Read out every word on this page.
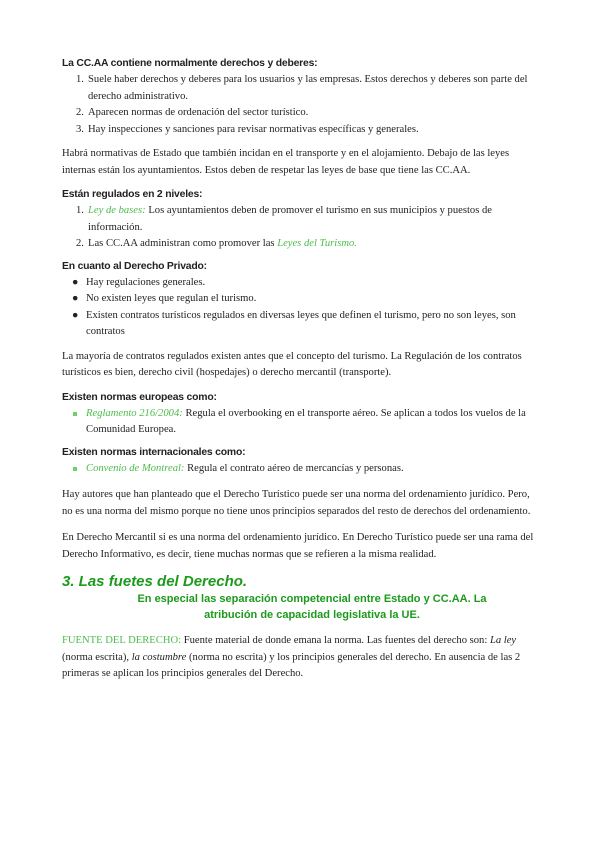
La CC.AA contiene normalmente derechos y deberes:

1. Suele haber derechos y deberes para los usuarios y las empresas. Estos derechos y deberes son parte del derecho administrativo.
2. Aparecen normas de ordenación del sector turístico.
3. Hay inspecciones y sanciones para revisar normativas específicas y generales.

Habrá normativas de Estado que también incidan en el transporte y en el alojamiento. Debajo de las leyes internas están los ayuntamientos. Estos deben de respetar las leyes de base que tiene las CC.AA.

Están regulados en 2 niveles:

1. Ley de bases: Los ayuntamientos deben de promover el turismo en sus municipios y puestos de información.
2. Las CC.AA administran como promover las Leyes del Turismo.

En cuanto al Derecho Privado:

● Hay regulaciones generales.
● No existen leyes que regulan el turismo.
● Existen contratos turísticos regulados en diversas leyes que definen el turismo, pero no son leyes, son contratos

La mayoría de contratos regulados existen antes que el concepto del turismo. La Regulación de los contratos turísticos es bien, derecho civil (hospedajes) o derecho mercantil (transporte).

Existen normas europeas como:

Reglamento 216/2004: Regula el overbooking en el transporte aéreo. Se aplican a todos los vuelos de la Comunidad Europea.

Existen normas internacionales como:

Convenio de Montreal: Regula el contrato aéreo de mercancías y personas.

Hay autores que han planteado que el Derecho Turístico puede ser una norma del ordenamiento jurídico. Pero, no es una norma del mismo porque no tiene unos principios separados del resto de derechos del ordenamiento.

En Derecho Mercantil si es una norma del ordenamiento jurídico. En Derecho Turístico puede ser una rama del Derecho Informativo, es decir, tiene muchas normas que se refieren a la misma realidad.

3. Las fuetes del Derecho.

En especial las separación competencial entre Estado y CC.AA. La

atribución de capacidad legislativa la UE.

FUENTE DEL DERECHO: Fuente material de donde emana la norma. Las fuentes del derecho son: La ley (norma escrita), la costumbre (norma no escrita) y los principios generales del derecho. En ausencia de las 2 primeras se aplican los principios generales del Derecho.
